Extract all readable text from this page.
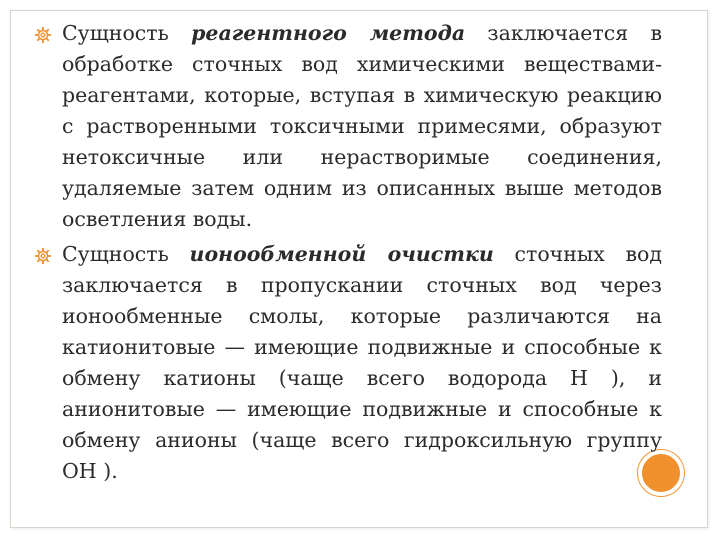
Сущность реагентного метода заключается в обработке сточных вод химическими веществами-реагентами, которые, вступая в химическую реакцию с растворенными токсичными примесями, образуют нетоксичные или нерастворимые соединения, удаляемые затем одним из описанных выше методов осветления воды.
Сущность ионообменной очистки сточных вод заключается в пропускании сточных вод через ионообменные смолы, которые различаются на катионитовые — имеющие подвижные и способные к обмену катионы (чаще всего водорода Н ), и анионитовые — имеющие подвижные и способные к обмену анионы (чаще всего гидроксильную группу ОН ).
